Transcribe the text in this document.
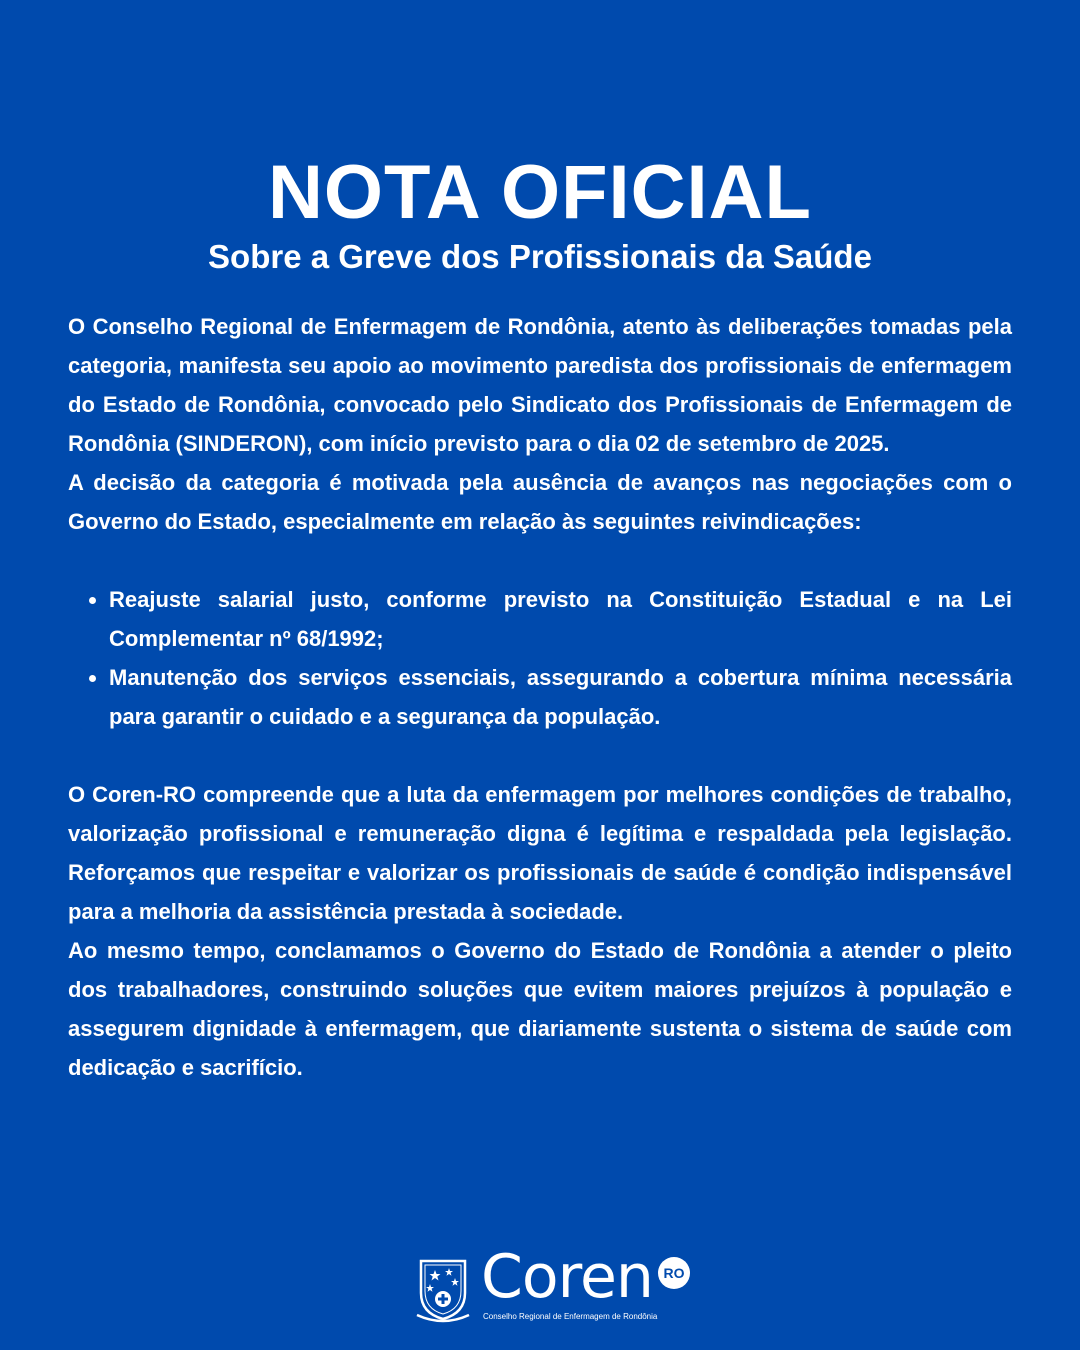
NOTA OFICIAL
Sobre a Greve dos Profissionais da Saúde

O Conselho Regional de Enfermagem de Rondônia, atento às deliberações tomadas pela categoria, manifesta seu apoio ao movimento paredista dos profissionais de enfermagem do Estado de Rondônia, convocado pelo Sindicato dos Profissionais de Enfermagem de Rondônia (SINDERON), com início previsto para o dia 02 de setembro de 2025.

A decisão da categoria é motivada pela ausência de avanços nas negociações com o Governo do Estado, especialmente em relação às seguintes reivindicações:

• Reajuste salarial justo, conforme previsto na Constituição Estadual e na Lei Complementar nº 68/1992;
• Manutenção dos serviços essenciais, assegurando a cobertura mínima necessária para garantir o cuidado e a segurança da população.

O Coren-RO compreende que a luta da enfermagem por melhores condições de trabalho, valorização profissional e remuneração digna é legítima e respaldada pela legislação. Reforçamos que respeitar e valorizar os profissionais de saúde é condição indispensável para a melhoria da assistência prestada à sociedade.

Ao mesmo tempo, conclamamos o Governo do Estado de Rondônia a atender o pleito dos trabalhadores, construindo soluções que evitem maiores prejuízos à população e assegurem dignidade à enfermagem, que diariamente sustenta o sistema de saúde com dedicação e sacrifício.

Coren RO
Conselho Regional de Enfermagem de Rondônia
